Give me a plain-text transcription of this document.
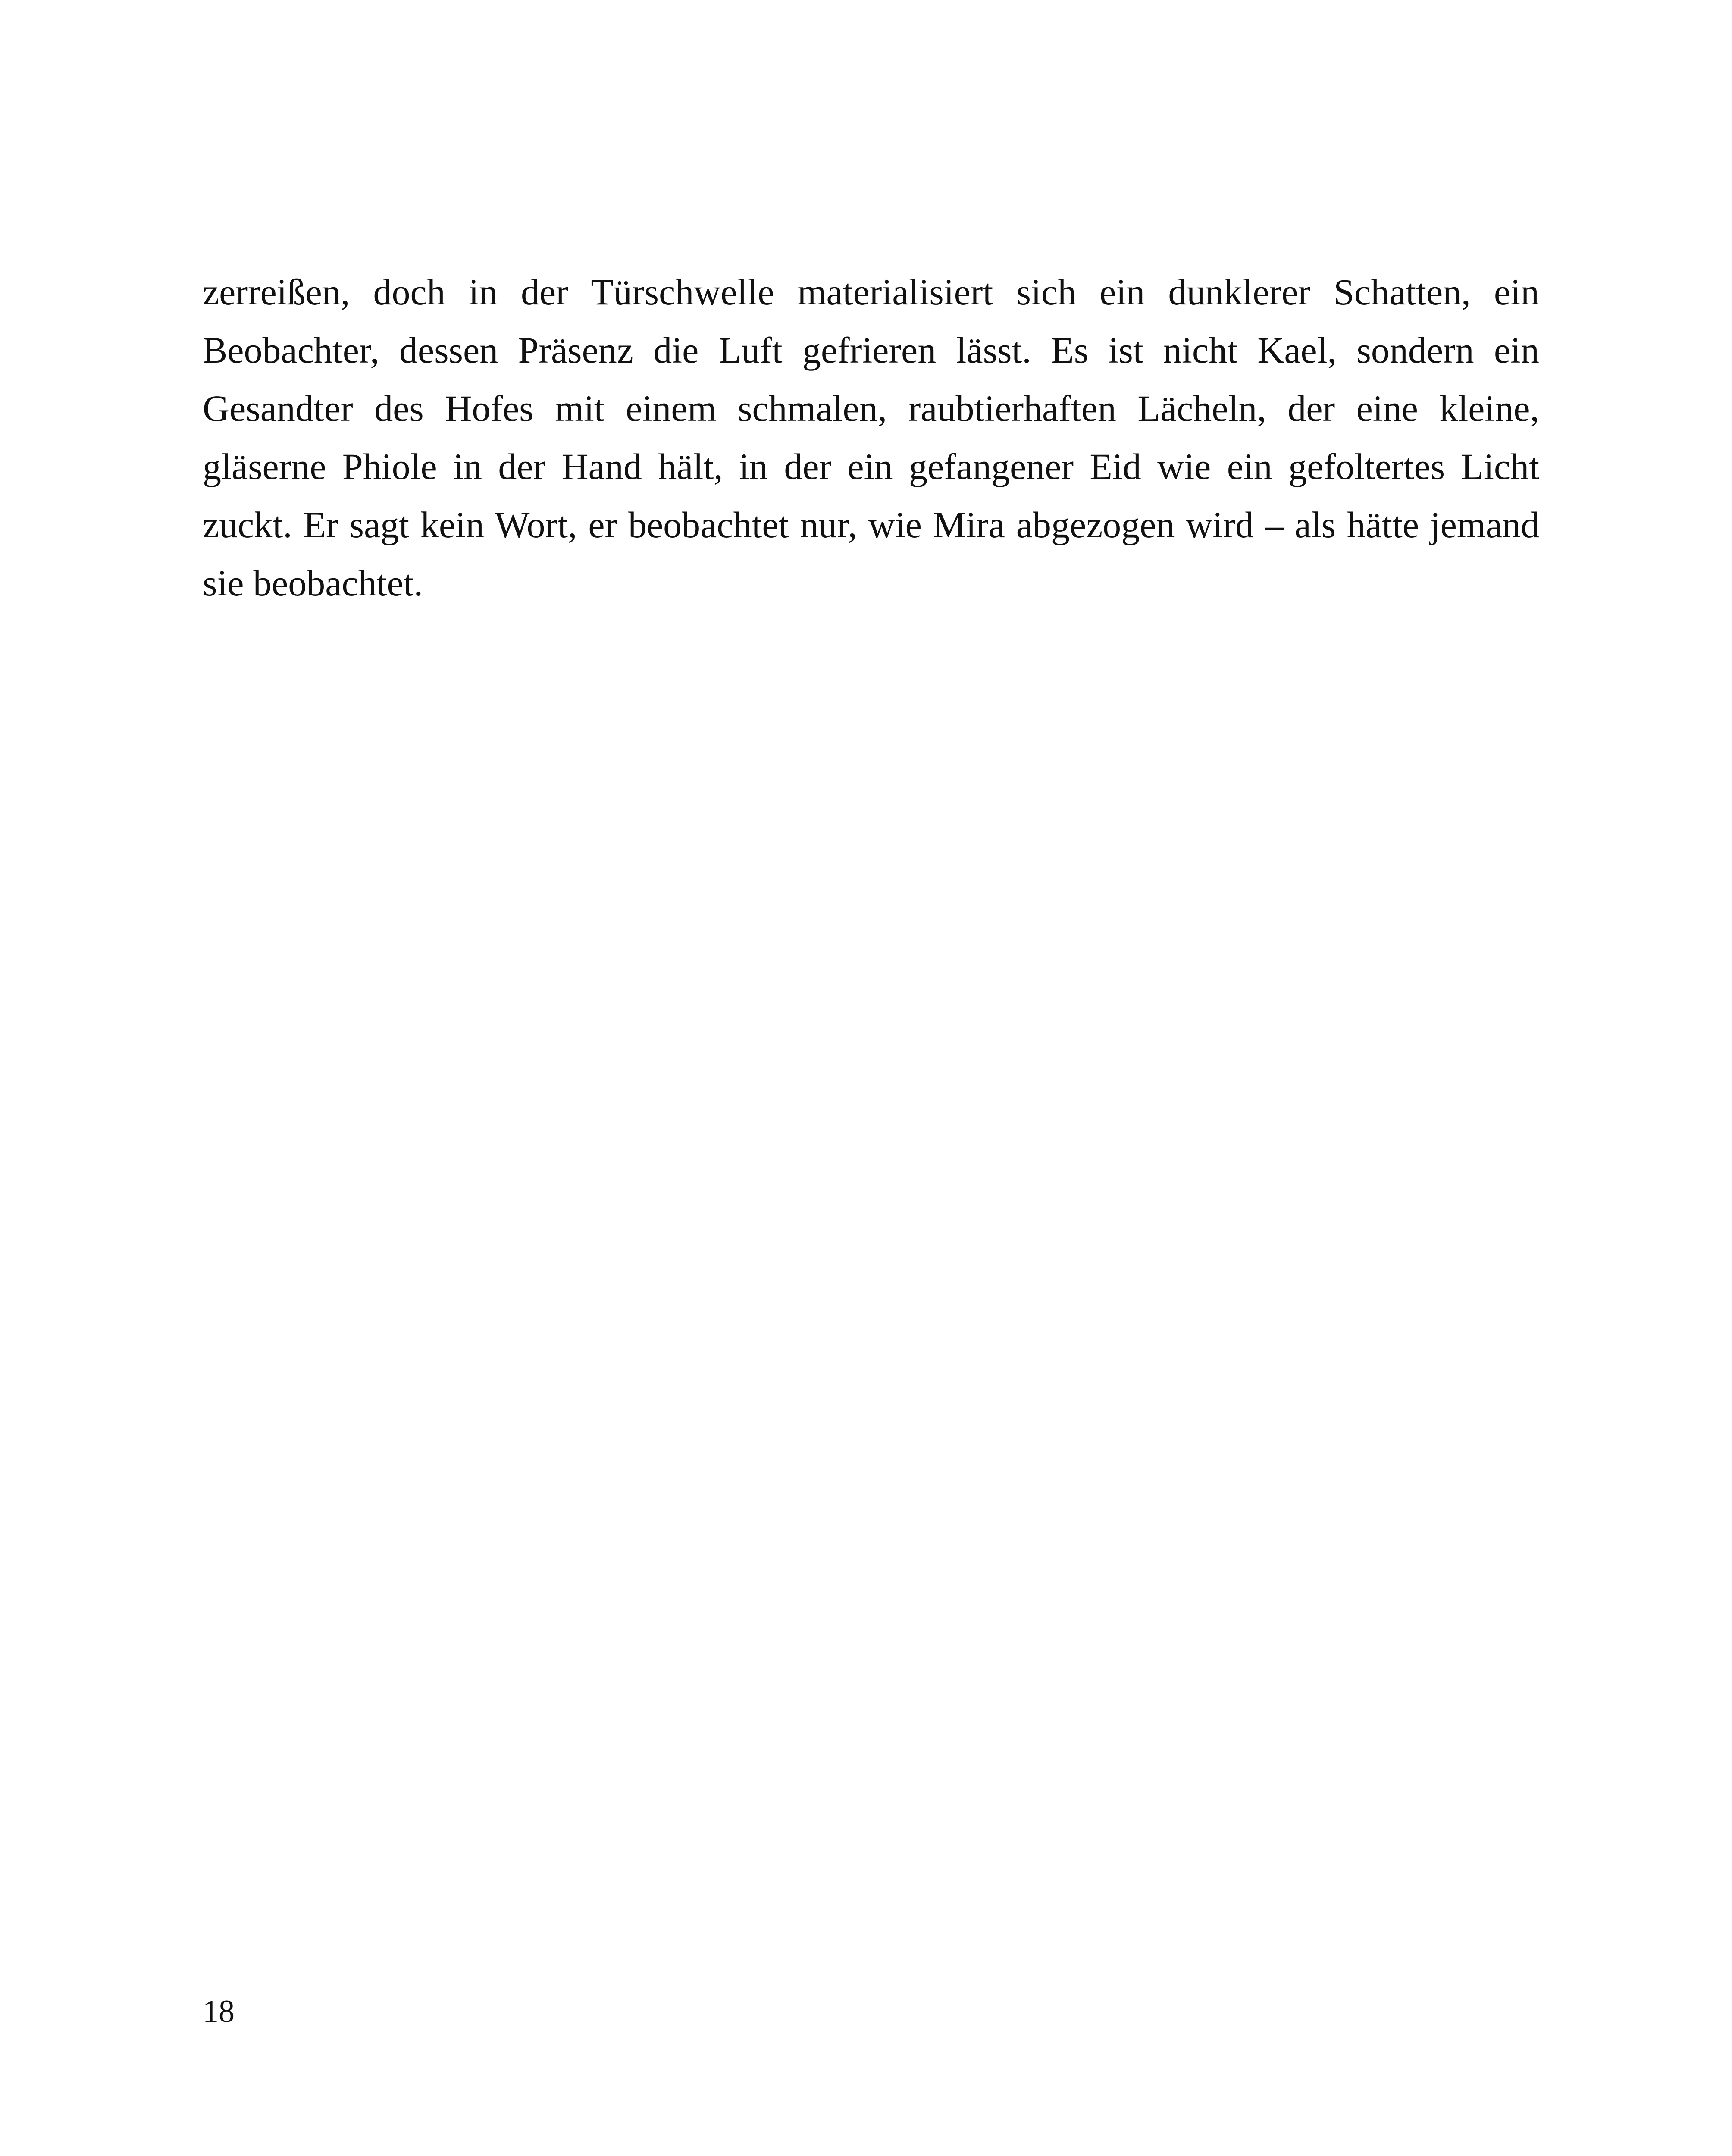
zerreißen, doch in der Türschwelle materialisiert sich ein dunklerer Schatten, ein Beobachter, dessen Präsenz die Luft gefrieren lässt. Es ist nicht Kael, sondern ein Gesandter des Hofes mit einem schmalen, raubtierhaften Lächeln, der eine kleine, gläserne Phiole in der Hand hält, in der ein gefangener Eid wie ein gefoltertes Licht zuckt. Er sagt kein Wort, er beobachtet nur, wie Mira abgezogen wird – als hätte jemand sie beobachtet.

18
